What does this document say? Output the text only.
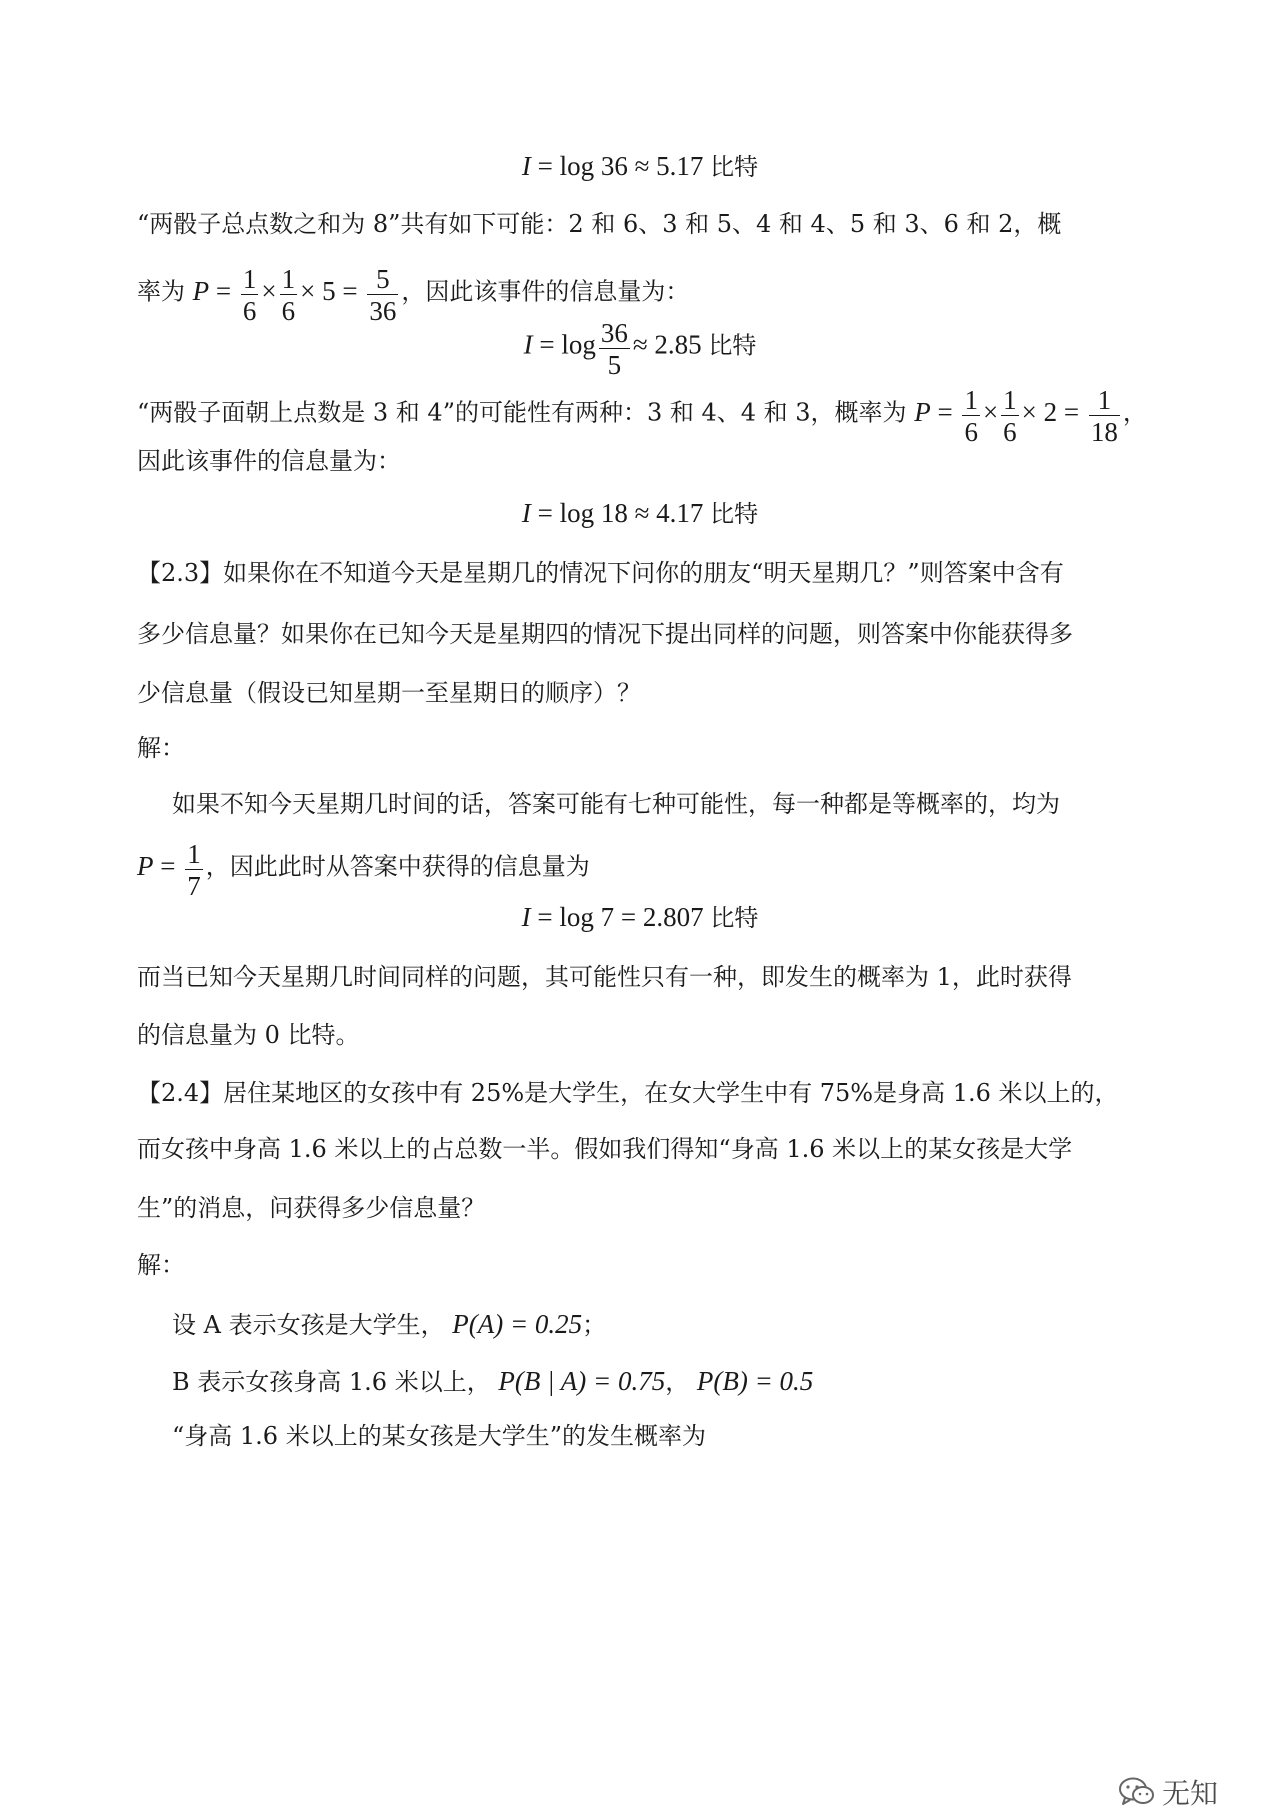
I = log 36 ≈ 5.17 比特
“两骰子总点数之和为 8”共有如下可能：2 和 6、3 和 5、4 和 4、5 和 3、6 和 2，概
率为 $P = \frac{1}{6} \times \frac{1}{6} \times 5 = \frac{5}{36}$ ，因此该事件的信息量为：
$I = \log \frac{36}{5} \approx 2.85$ 比特
“两骰子面朝上点数是 3 和 4”的可能性有两种：3 和 4、4 和 3，概率为 $P = \frac{1}{6} \times \frac{1}{6} \times 2 = \frac{1}{18}$ ，
因此该事件的信息量为：
I = log 18 ≈ 4.17 比特
【2.3】如果你在不知道今天是星期几的情况下问你的朋友“明天星期几？”则答案中含有
多少信息量？如果你在已知今天是星期四的情况下提出同样的问题，则答案中你能获得多
少信息量（假设已知星期一至星期日的顺序）？
解：
如果不知今天星期几时间的话，答案可能有七种可能性，每一种都是等概率的，均为
$P = \frac{1}{7}$ ，因此此时从答案中获得的信息量为
I = log 7 = 2.807 比特
而当已知今天星期几时间同样的问题，其可能性只有一种，即发生的概率为 1，此时获得
的信息量为 0 比特。
【2.4】居住某地区的女孩中有 25%是大学生，在女大学生中有 75%是身高 1.6 米以上的，
而女孩中身高 1.6 米以上的占总数一半。假如我们得知“身高 1.6 米以上的某女孩是大学
生”的消息，问获得多少信息量？
解：
设 A 表示女孩是大学生， P(A) = 0.25；
B 表示女孩身高 1.6 米以上， P(B | A) = 0.75， P(B) = 0.5
“身高 1.6 米以上的某女孩是大学生”的发生概率为
无知
